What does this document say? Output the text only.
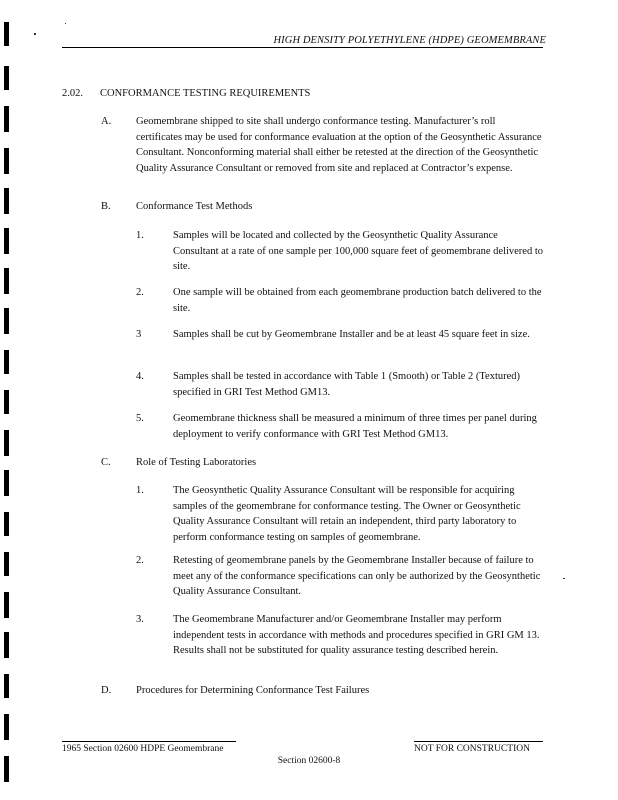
HIGH DENSITY POLYETHYLENE (HDPE) GEOMEMBRANE
2.02. CONFORMANCE TESTING REQUIREMENTS
A. Geomembrane shipped to site shall undergo conformance testing. Manufacturer’s roll certificates may be used for conformance evaluation at the option of the Geosynthetic Assurance Consultant. Nonconforming material shall either be retested at the direction of the Geosynthetic Quality Assurance Consultant or removed from site and replaced at Contractor’s expense.
B. Conformance Test Methods
1.	Samples will be located and collected by the Geosynthetic Quality Assurance Consultant at a rate of one sample per 100,000 square feet of geomembrane delivered to site.
2.	One sample will be obtained from each geomembrane production batch delivered to the site.
3	Samples shall be cut by Geomembrane Installer and be at least 45 square feet in size.
4.	Samples shall be tested in accordance with Table 1 (Smooth) or Table 2 (Textured) specified in GRI Test Method GM13.
5.	Geomembrane thickness shall be measured a minimum of three times per panel during deployment to verify conformance with GRI Test Method GM13.
C. Role of Testing Laboratories
1.	The Geosynthetic Quality Assurance Consultant will be responsible for acquiring samples of the geomembrane for conformance testing. The Owner or Geosynthetic Quality Assurance Consultant will retain an independent, third party laboratory to perform conformance testing on samples of geomembrane.
2.	Retesting of geomembrane panels by the Geomembrane Installer because of failure to meet any of the conformance specifications can only be authorized by the Geosynthetic Quality Assurance Consultant.
3.	The Geomembrane Manufacturer and/or Geomembrane Installer may perform independent tests in accordance with methods and procedures specified in GRI GM 13. Results shall not be substituted for quality assurance testing described herein.
D. Procedures for Determining Conformance Test Failures
1965 Section 02600 HDPE Geomembrane	NOT FOR CONSTRUCTION
Section 02600-8
